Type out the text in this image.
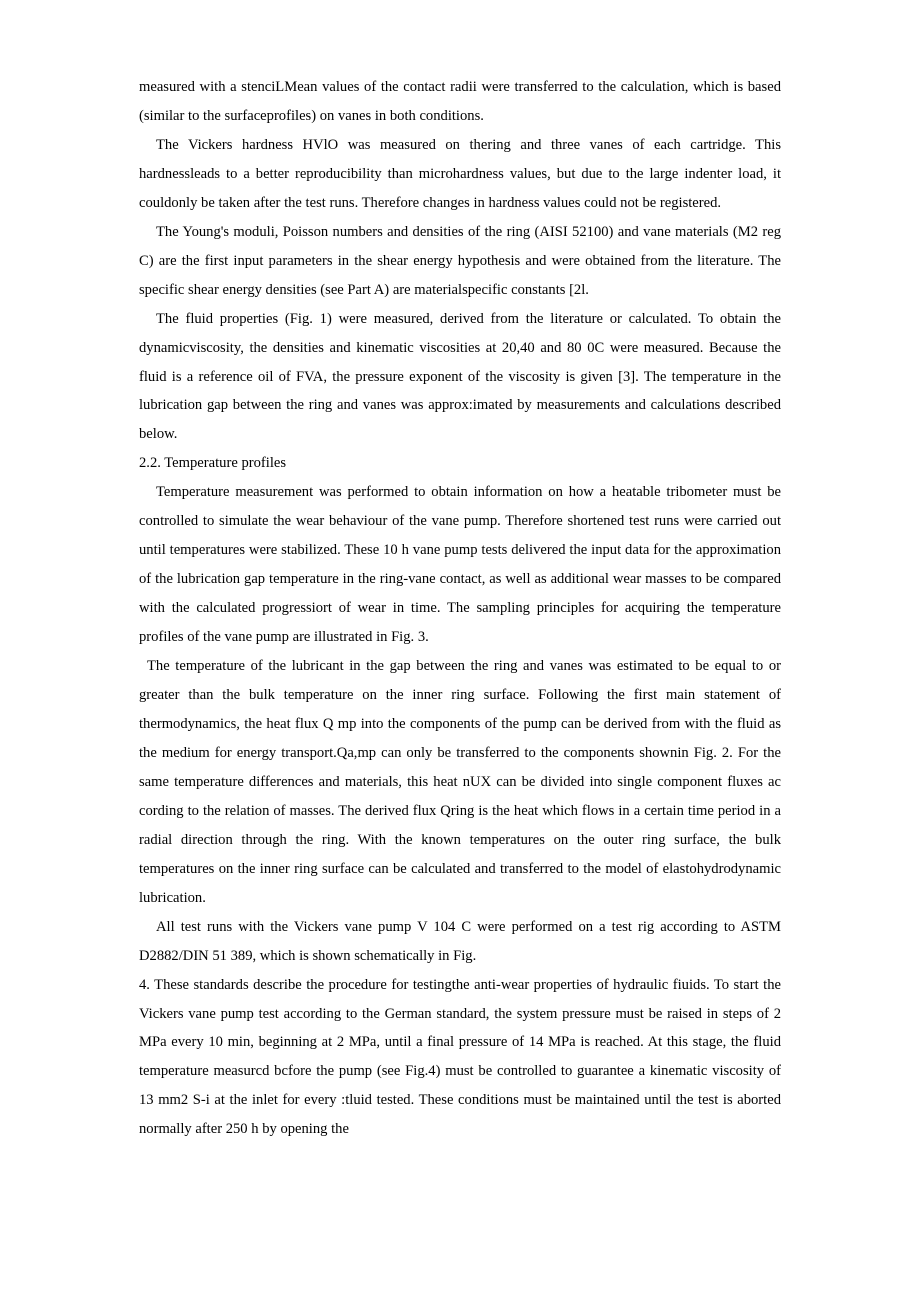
measured with a stenciLMean values of the contact radii were transferred to the calculation, which is based (similar to the surfaceprofiles) on vanes in both conditions.

The Vickers hardness HVlO was measured on thering and three vanes of each cartridge. This hardnessleads to a better reproducibility than microhardness values, but due to the large indenter load, it couldonly be taken after the test runs. Therefore changes in hardness values could not be registered.

The Young's moduli, Poisson numbers and densities of the ring (AISI 52100) and vane materials (M2 reg C) are the first input parameters in the shear energy hypothesis and were obtained from the literature. The specific shear energy densities (see Part A) are materialspecific constants [2l.

The fluid properties (Fig. 1) were measured, derived from the literature or calculated. To obtain the dynamicviscosity, the densities and kinematic viscosities at 20,40 and 80 0C were measured. Because the fluid is a reference oil of FVA, the pressure exponent of the viscosity is given [3]. The temperature in the lubrication gap between the ring and vanes was approx:imated by measurements and calculations described below.

2.2. Temperature profiles

Temperature measurement was performed to obtain information on how a heatable tribometer must be controlled to simulate the wear behaviour of the vane pump. Therefore shortened test runs were carried out until temperatures were stabilized. These 10 h vane pump tests delivered the input data for the approximation of the lubrication gap temperature in the ring-vane contact, as well as additional wear masses to be compared with the calculated progressiort of wear in time. The sampling principles for acquiring the temperature profiles of the vane pump are illustrated in Fig. 3.

The temperature of the lubricant in the gap between the ring and vanes was estimated to be equal to or greater than the bulk temperature on the inner ring surface. Following the first main statement of thermodynamics, the heat flux Q mp into the components of the pump can be derived from with the fluid as the medium for energy transport.Qa,mp can only be transferred to the components shownin Fig. 2. For the same temperature differences and materials, this heat nUX can be divided into single component fluxes ac cording to the relation of masses. The derived flux Qring is the heat which flows in a certain time period in a radial direction through the ring. With the known temperatures on the outer ring surface, the bulk temperatures on the inner ring surface can be calculated and transferred to the model of elastohydrodynamic lubrication.

All test runs with the Vickers vane pump V 104 C were performed on a test rig according to ASTM D2882/DIN 51 389, which is shown schematically in Fig.

4. These standards describe the procedure for testingthe anti-wear properties of hydraulic fiuids. To start the Vickers vane pump test according to the German standard, the system pressure must be raised in steps of 2 MPa every 10 min, beginning at 2 MPa, until a final pressure of 14 MPa is reached. At this stage, the fluid temperature measurcd bcfore the pump (see Fig.4) must be controlled to guarantee a kinematic viscosity of 13 mm2 S-i at the inlet for every :tluid tested. These conditions must be maintained until the test is aborted normally after 250 h by opening the
